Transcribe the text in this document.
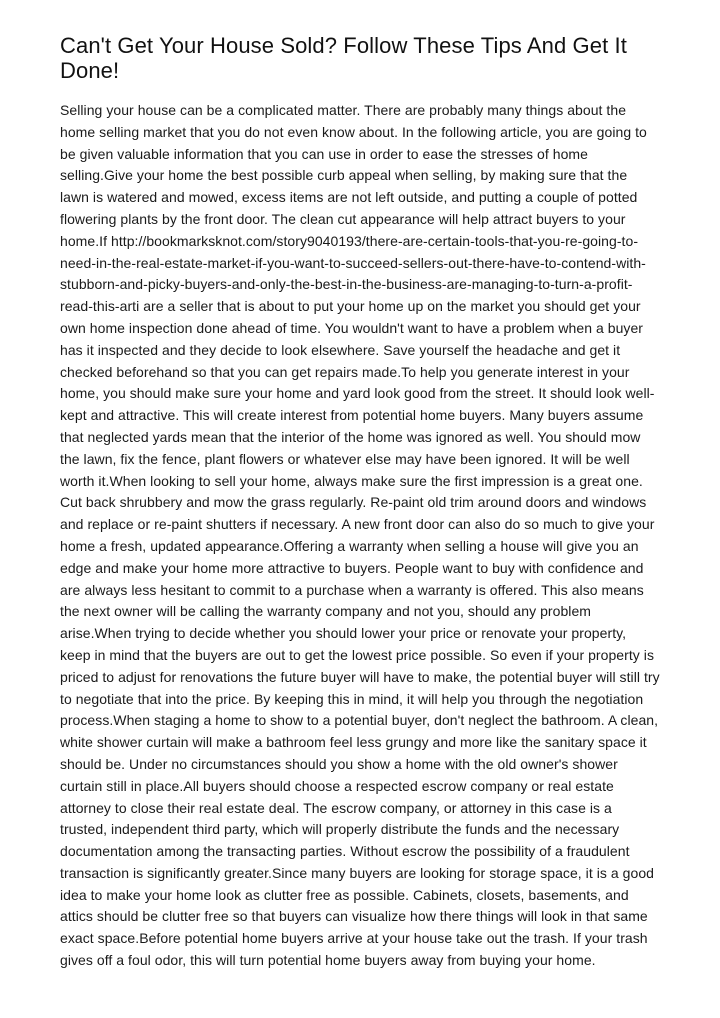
Can't Get Your House Sold? Follow These Tips And Get It Done!

Selling your house can be a complicated matter. There are probably many things about the home selling market that you do not even know about. In the following article, you are going to be given valuable information that you can use in order to ease the stresses of home selling.Give your home the best possible curb appeal when selling, by making sure that the lawn is watered and mowed, excess items are not left outside, and putting a couple of potted flowering plants by the front door. The clean cut appearance will help attract buyers to your home.If http://bookmarksknot.com/story9040193/there-are-certain-tools-that-you-re-going-to-need-in-the-real-estate-market-if-you-want-to-succeed-sellers-out-there-have-to-contend-with-stubborn-and-picky-buyers-and-only-the-best-in-the-business-are-managing-to-turn-a-profit-read-this-arti are a seller that is about to put your home up on the market you should get your own home inspection done ahead of time. You wouldn't want to have a problem when a buyer has it inspected and they decide to look elsewhere. Save yourself the headache and get it checked beforehand so that you can get repairs made.To help you generate interest in your home, you should make sure your home and yard look good from the street. It should look well-kept and attractive. This will create interest from potential home buyers. Many buyers assume that neglected yards mean that the interior of the home was ignored as well. You should mow the lawn, fix the fence, plant flowers or whatever else may have been ignored. It will be well worth it.When looking to sell your home, always make sure the first impression is a great one. Cut back shrubbery and mow the grass regularly. Re-paint old trim around doors and windows and replace or re-paint shutters if necessary. A new front door can also do so much to give your home a fresh, updated appearance.Offering a warranty when selling a house will give you an edge and make your home more attractive to buyers. People want to buy with confidence and are always less hesitant to commit to a purchase when a warranty is offered. This also means the next owner will be calling the warranty company and not you, should any problem arise.When trying to decide whether you should lower your price or renovate your property, keep in mind that the buyers are out to get the lowest price possible. So even if your property is priced to adjust for renovations the future buyer will have to make, the potential buyer will still try to negotiate that into the price. By keeping this in mind, it will help you through the negotiation process.When staging a home to show to a potential buyer, don't neglect the bathroom. A clean, white shower curtain will make a bathroom feel less grungy and more like the sanitary space it should be. Under no circumstances should you show a home with the old owner's shower curtain still in place.All buyers should choose a respected escrow company or real estate attorney to close their real estate deal. The escrow company, or attorney in this case is a trusted, independent third party, which will properly distribute the funds and the necessary documentation among the transacting parties. Without escrow the possibility of a fraudulent transaction is significantly greater.Since many buyers are looking for storage space, it is a good idea to make your home look as clutter free as possible. Cabinets, closets, basements, and attics should be clutter free so that buyers can visualize how there things will look in that same exact space.Before potential home buyers arrive at your house take out the trash. If your trash gives off a foul odor, this will turn potential home buyers away from buying your home.
